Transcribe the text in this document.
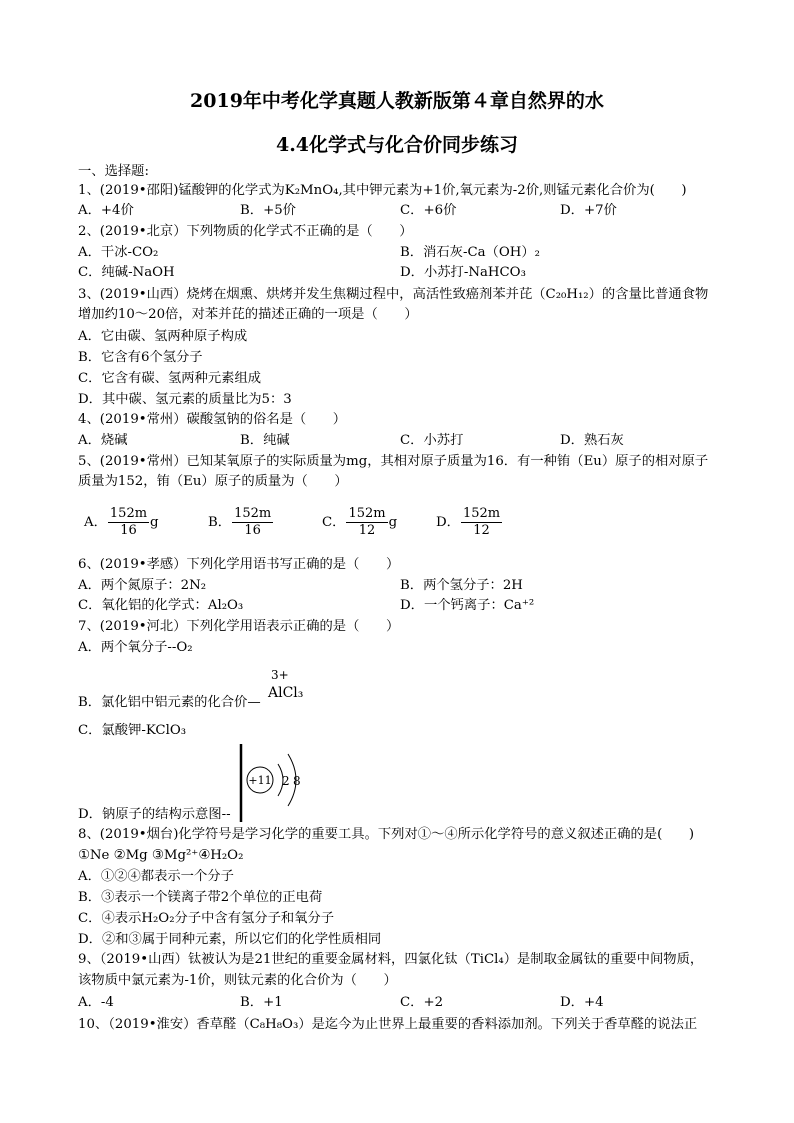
2019年中考化学真题人教新版第４章自然界的水
4.4化学式与化合价同步练习
一、选择题:
1、(2019•邵阳)锰酸钾的化学式为K₂MnO₄,其中钾元素为+1价,氧元素为-2价,则锰元素化合价为(　　)
A．+4价	B．+5价	C．+6价	D．+7价
2、(2019•北京）下列物质的化学式不正确的是（　　）
A．干冰-CO₂	B．消石灰-Ca（OH）₂
C．纯碱-NaOH	D．小苏打-NaHCO₃
3、(2019•山西）烧烤在烟熏、烘烤并发生焦糊过程中，高活性致癌剂苯并芘（C₂₀H₁₂）的含量比普通食物
增加约10～20倍，对苯并芘的描述正确的一项是（　　）
A．它由碳、氢两种原子构成
B．它含有6个氢分子
C．它含有碳、氢两种元素组成
D．其中碳、氢元素的质量比为5：3
4、(2019•常州）碳酸氢钠的俗名是（　　）
A．烧碱	B．纯碱	C．小苏打	D．熟石灰
5、(2019•常州）已知某氧原子的实际质量为mg，其相对原子质量为16．有一种铕（Eu）原子的相对原子
质量为152，铕（Eu）原子的质量为（　　）
A． $\frac{152m}{16}$ g	B． $\frac{152m}{16}$	C． $\frac{152m}{12}$ g	D． $\frac{152m}{12}$
6、(2019•孝感）下列化学用语书写正确的是（　　）
A．两个氮原子：2N₂	B．两个氢分子：2H
C．氧化铝的化学式：Al₂O₃	D．一个钙离子：Ca⁺²
7、(2019•河北）下列化学用语表示正确的是（　　）
A．两个氧分子--O₂
B．氯化铝中铝元素的化合价—
3+
AlCl₃
C．氯酸钾-KClO₃
D．钠原子的结构示意图--
+11 2 8
8、(2019•烟台)化学符号是学习化学的重要工具。下列对①～④所示化学符号的意义叙述正确的是(　　)
①Ne ②Mg ③Mg²⁺④H₂O₂
A．①②④都表示一个分子
B．③表示一个镁离子带2个单位的正电荷
C．④表示H₂O₂分子中含有氢分子和氧分子
D．②和③属于同种元素，所以它们的化学性质相同
9、（2019•山西）钛被认为是21世纪的重要金属材料，四氯化钛（TiCl₄）是制取金属钛的重要中间物质，
该物质中氯元素为-1价，则钛元素的化合价为（　　）
A．-4	B．+1	C．+2	D．+4
10、（2019•淮安）香草醛（C₈H₈O₃）是迄今为止世界上最重要的香料添加剂。下列关于香草醛的说法正
